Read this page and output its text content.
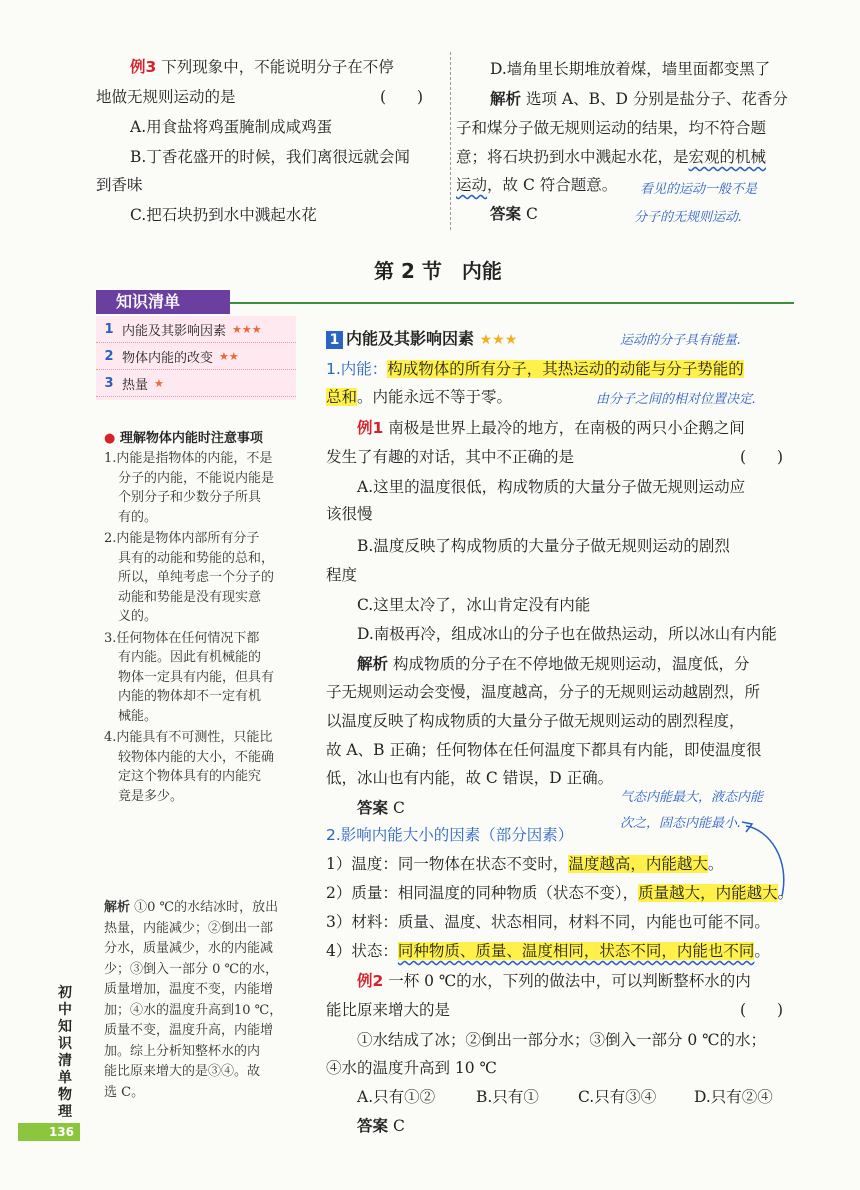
例3 下列现象中，不能说明分子在不停
地做无规则运动的是	(　　)
A.用食盐将鸡蛋腌制成咸鸡蛋
B.丁香花盛开的时候，我们离很远就会闻
到香味
C.把石块扔到水中溅起水花
D.墙角里长期堆放着煤，墙里面都变黑了
解析 选项 A、B、D 分别是盐分子、花香分
子和煤分子做无规则运动的结果，均不符合题
意；将石块扔到水中溅起水花，是宏观的机械
运动，故 C 符合题意。
答案 C
看见的运动一般不是
分子的无规则运动.
第 2 节　内能
知识清单
1 内能及其影响因素 ★★★
2 物体内能的改变 ★★
3 热量 ★
● 理解物体内能时注意事项
1.内能是指物体的内能，不是
分子的内能，不能说内能是
个别分子和少数分子所具
有的。
2.内能是物体内部所有分子
具有的动能和势能的总和，
所以，单纯考虑一个分子的
动能和势能是没有现实意
义的。
3.任何物体在任何情况下都
有内能。因此有机械能的
物体一定具有内能，但具有
内能的物体却不一定有机
械能。
4.内能具有不可测性，只能比
较物体内能的大小，不能确
定这个物体具有的内能究
竟是多少。
解析 ①0 ℃的水结冰时，放出
热量，内能减少；②倒出一部
分水，质量减少，水的内能减
少；③倒入一部分 0 ℃的水，
质量增加，温度不变，内能增
加；④水的温度升高到10 ℃，
质量不变，温度升高，内能增
加。综上分析知整杯水的内
能比原来增大的是③④。故
选 C。
初中知识清单　物理
136
1 内能及其影响因素 ★★★	运动的分子具有能量.
1.内能：构成物体的所有分子，其热运动的动能与分子势能的
总和。内能永远不等于零。	由分子之间的相对位置决定.
例1 南极是世界上最冷的地方，在南极的两只小企鹅之间
发生了有趣的对话，其中不正确的是	(　　)
A.这里的温度很低，构成物质的大量分子做无规则运动应
该很慢
B.温度反映了构成物质的大量分子做无规则运动的剧烈
程度
C.这里太冷了，冰山肯定没有内能
D.南极再冷，组成冰山的分子也在做热运动，所以冰山有内能
解析 构成物质的分子在不停地做无规则运动，温度低，分
子无规则运动会变慢，温度越高，分子的无规则运动越剧烈，所
以温度反映了构成物质的大量分子做无规则运动的剧烈程度，
故 A、B 正确；任何物体在任何温度下都具有内能，即使温度很
低，冰山也有内能，故 C 错误，D 正确。
答案 C
气态内能最大，液态内能
次之，固态内能最小.
2.影响内能大小的因素（部分因素）
1）温度：同一物体在状态不变时，温度越高，内能越大。
2）质量：相同温度的同种物质（状态不变），质量越大，内能越大。
3）材料：质量、温度、状态相同，材料不同，内能也可能不同。
4）状态：同种物质、质量、温度相同，状态不同，内能也不同。
例2 一杯 0 ℃的水，下列的做法中，可以判断整杯水的内
能比原来增大的是	(　　)
①水结成了冰；②倒出一部分水；③倒入一部分 0 ℃的水；
④水的温度升高到 10 ℃
A.只有①②	B.只有①	C.只有③④ D.只有②④
答案 C
